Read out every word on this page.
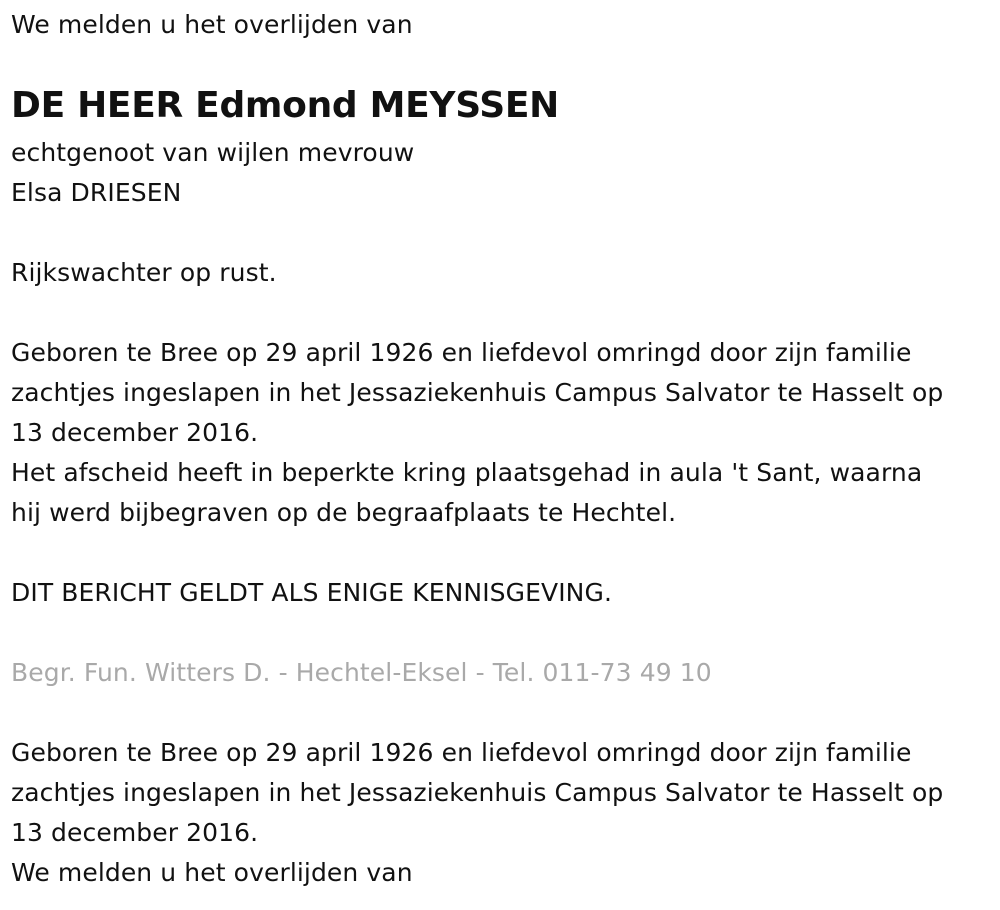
We melden u het overlijden van
DE HEER Edmond MEYSSEN
echtgenoot van wijlen mevrouw
Elsa DRIESEN
Rijkswachter op rust.
Geboren te Bree op 29 april 1926 en liefdevol omringd door zijn familie
zachtjes ingeslapen in het Jessaziekenhuis Campus Salvator te Hasselt op
13 december 2016.
Het afscheid heeft in beperkte kring plaatsgehad in aula 't Sant, waarna
hij werd bijbegraven op de begraafplaats te Hechtel.
DIT BERICHT GELDT ALS ENIGE KENNISGEVING.
Begr. Fun. Witters D. - Hechtel-Eksel - Tel. 011-73 49 10
Geboren te Bree op 29 april 1926 en liefdevol omringd door zijn familie
zachtjes ingeslapen in het Jessaziekenhuis Campus Salvator te Hasselt op
13 december 2016.
We melden u het overlijden van
